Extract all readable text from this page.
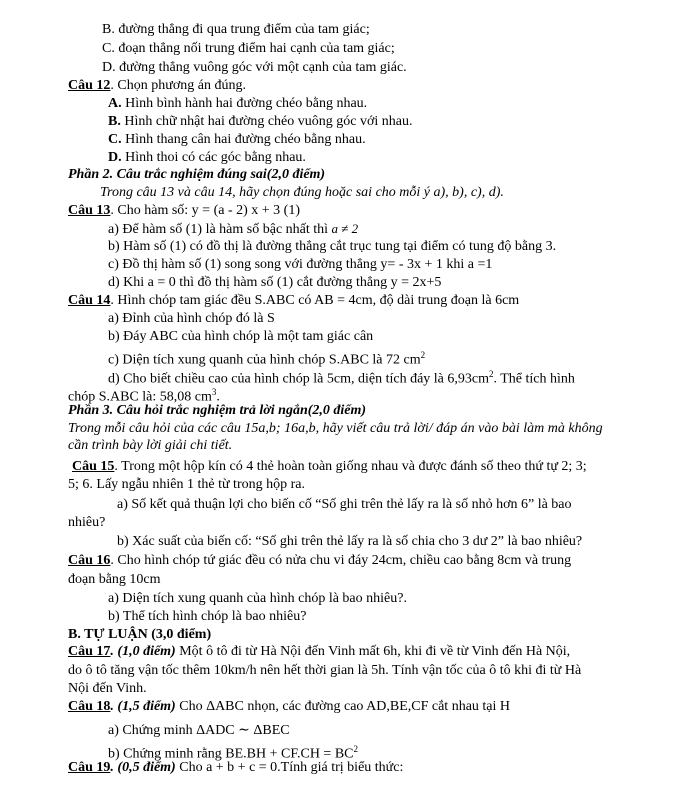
B. đường thẳng đi qua trung điểm của tam giác;
C. đoạn thẳng nối trung điểm hai cạnh của tam giác;
D. đường thẳng vuông góc với một cạnh của tam giác.
Câu 12. Chọn phương án đúng.
A. Hình bình hành hai đường chéo bằng nhau.
B. Hình chữ nhật hai đường chéo vuông góc với nhau.
C. Hình thang cân hai đường chéo bằng nhau.
D. Hình thoi có các góc bằng nhau.
Phần 2. Câu trắc nghiệm đúng sai(2,0 điểm)
Trong câu 13 và câu 14, hãy chọn đúng hoặc sai cho mỗi ý a), b), c), d).
Câu 13. Cho hàm số: y = (a - 2) x + 3 (1)
a) Để hàm số (1) là hàm số bậc nhất thì a ≠ 2
b) Hàm số (1) có đồ thị là đường thẳng cắt trục tung tại điểm có tung độ bằng 3.
c) Đồ thị hàm số (1) song song với đường thẳng y= - 3x + 1 khi a =1
d) Khi a = 0 thì đồ thị hàm số (1) cắt đường thẳng y = 2x+5
Câu 14. Hình chóp tam giác đều S.ABC có AB = 4cm, độ dài trung đoạn là 6cm
a) Đỉnh của hình chóp đó là S
b) Đáy ABC của hình chóp là một tam giác cân
c) Diện tích xung quanh của hình chóp S.ABC là 72 $cm^2$
d) Cho biết chiều cao của hình chóp là 5cm, diện tích đáy là $6,93cm^2$. Thể tích hình
chóp S.ABC là: 58,08 $cm^3$.
Phần 3. Câu hỏi trắc nghiệm trả lời ngắn(2,0 điểm)
Trong mỗi câu hỏi của các câu 15a,b; 16a,b, hãy viết câu trả lời/ đáp án vào bài làm mà không
cần trình bày lời giải chi tiết.
Câu 15. Trong một hộp kín có 4 thẻ hoàn toàn giống nhau và được đánh số theo thứ tự 2; 3;
5; 6. Lấy ngẫu nhiên 1 thẻ từ trong hộp ra.
a) Số kết quả thuận lợi cho biến cố “Số ghi trên thẻ lấy ra là số nhỏ hơn 6” là bao
nhiêu?
b) Xác suất của biến cố: “Số ghi trên thẻ lấy ra là số chia cho 3 dư 2” là bao nhiêu?
Câu 16. Cho hình chóp tứ giác đều có nửa chu vi đáy 24cm, chiều cao bằng 8cm và trung
đoạn bằng 10cm
a) Diện tích xung quanh của hình chóp là bao nhiêu?.
b) Thể tích hình chóp là bao nhiêu?
B. TỰ LUẬN (3,0 điểm)
Câu 17. (1,0 điểm) Một ô tô đi từ Hà Nội đến Vinh mất 6h, khi đi về từ Vinh đến Hà Nội,
do ô tô tăng vận tốc thêm 10km/h nên hết thời gian là 5h. Tính vận tốc của ô tô khi đi từ Hà
Nội đến Vinh.
Câu 18. (1,5 điểm) Cho ΔABC nhọn, các đường cao AD,BE,CF cắt nhau tại H
a) Chứng minh ΔADC ∼ ΔBEC
b) Chứng minh rằng $BE.BH + CF.CH = BC^2$
Câu 19. (0,5 điểm) Cho a + b + c = 0.Tính giá trị biểu thức:
